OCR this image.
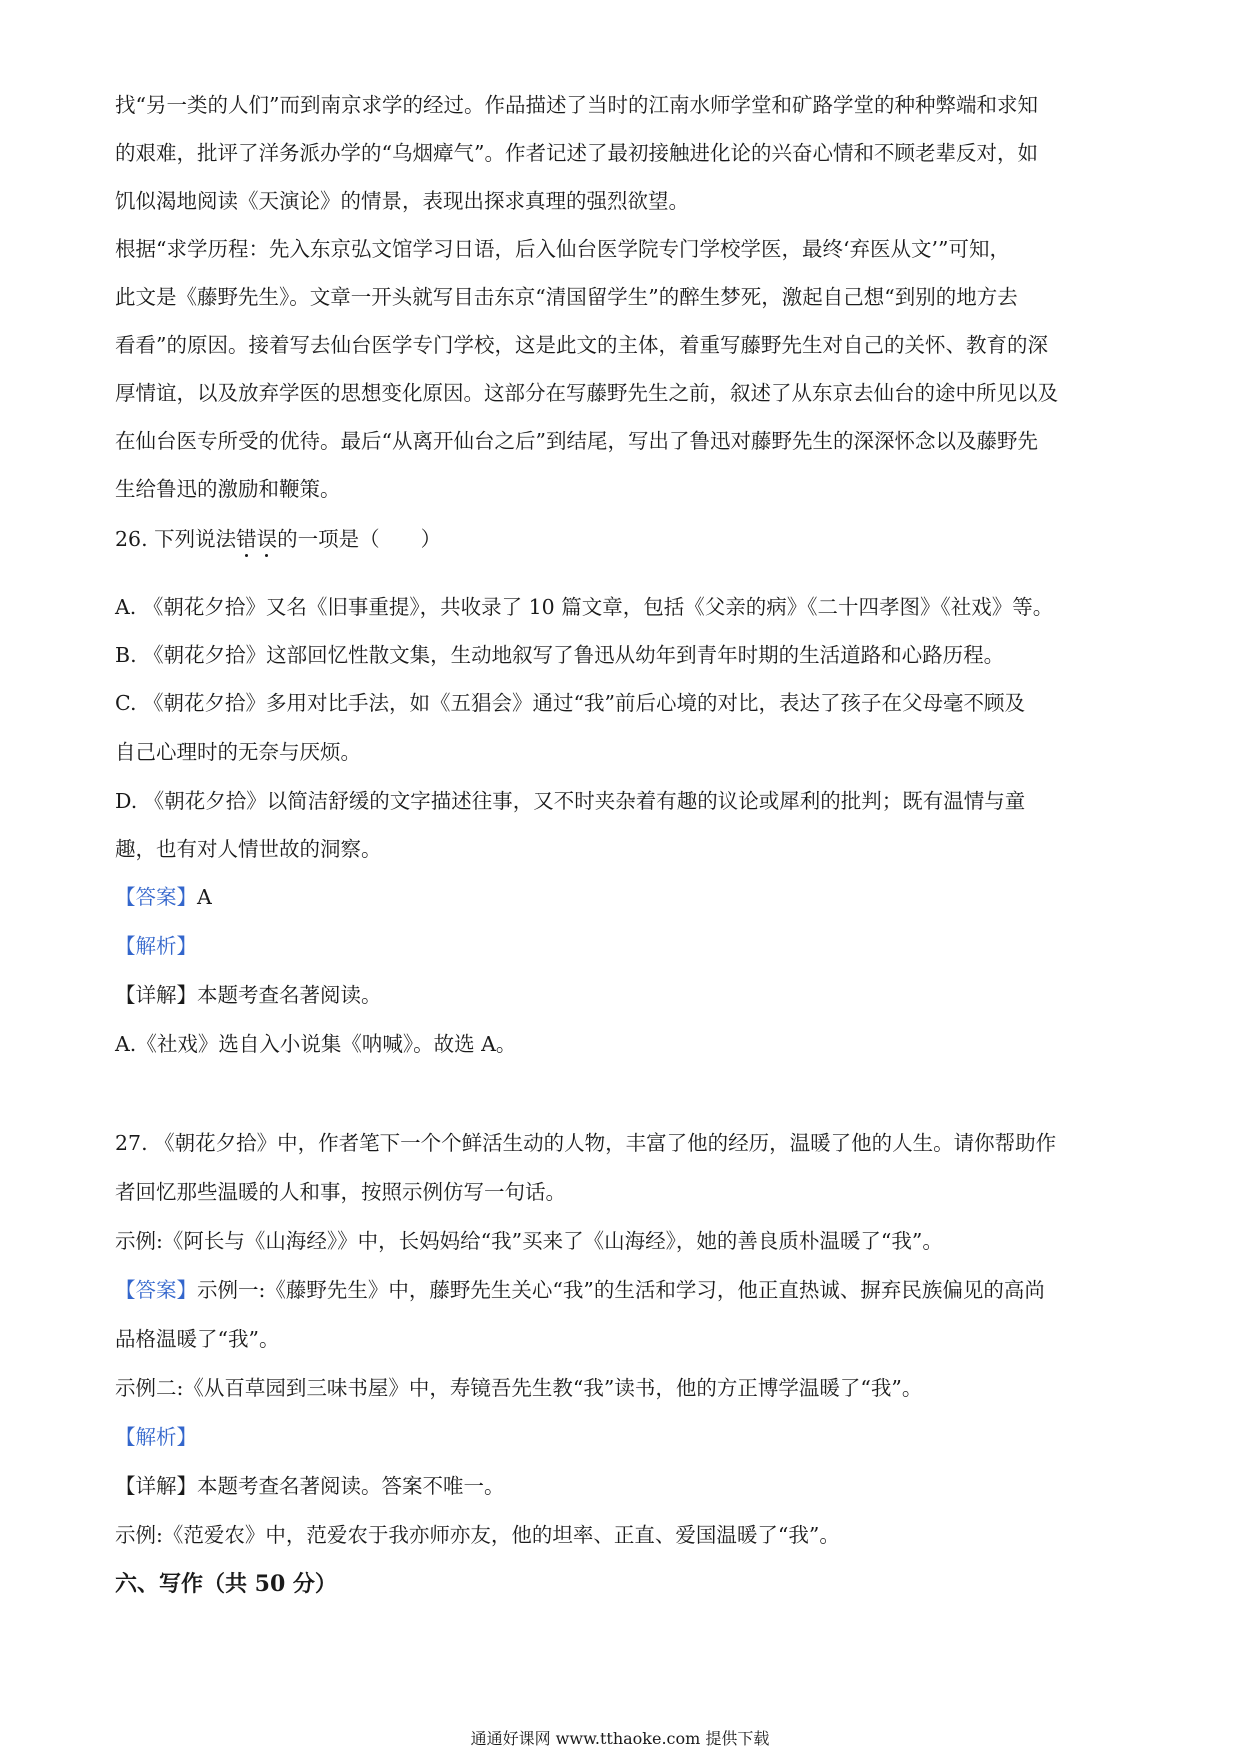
找“另一类的人们”而到南京求学的经过。作品描述了当时的江南水师学堂和矿路学堂的种种弊端和求知
的艰难，批评了洋务派办学的“乌烟瘴气”。作者记述了最初接触进化论的兴奋心情和不顾老辈反对，如
饥似渴地阅读《天演论》的情景，表现出探求真理的强烈欲望。
根据“求学历程：先入东京弘文馆学习日语，后入仙台医学院专门学校学医，最终‘弃医从文’”可知，
此文是《藤野先生》。文章一开头就写目击东京“清国留学生”的醉生梦死，激起自己想“到别的地方去
看看”的原因。接着写去仙台医学专门学校，这是此文的主体，着重写藤野先生对自己的关怀、教育的深
厚情谊，以及放弃学医的思想变化原因。这部分在写藤野先生之前，叙述了从东京去仙台的途中所见以及
在仙台医专所受的优待。最后“从离开仙台之后”到结尾，写出了鲁迅对藤野先生的深深怀念以及藤野先
生给鲁迅的激励和鞭策。
26. 下列说法错误的一项是（　　）
A. 《朝花夕拾》又名《旧事重提》，共收录了 10 篇文章，包括《父亲的病》《二十四孝图》《社戏》等。
B. 《朝花夕拾》这部回忆性散文集，生动地叙写了鲁迅从幼年到青年时期的生活道路和心路历程。
C. 《朝花夕拾》多用对比手法，如《五猖会》通过“我”前后心境的对比，表达了孩子在父母毫不顾及
自己心理时的无奈与厌烦。
D. 《朝花夕拾》以简洁舒缓的文字描述往事，又不时夹杂着有趣的议论或犀利的批判；既有温情与童
趣，也有对人情世故的洞察。
【答案】A
【解析】
【详解】本题考查名著阅读。
A.《社戏》选自入小说集《呐喊》。故选 A。
27. 《朝花夕拾》中，作者笔下一个个鲜活生动的人物，丰富了他的经历，温暖了他的人生。请你帮助作
者回忆那些温暖的人和事，按照示例仿写一句话。
示例:《阿长与《山海经》》中，长妈妈给“我”买来了《山海经》，她的善良质朴温暖了“我”。
【答案】示例一:《藤野先生》中，藤野先生关心“我”的生活和学习，他正直热诚、摒弃民族偏见的高尚
品格温暖了“我”。
示例二:《从百草园到三味书屋》中，寿镜吾先生教“我”读书，他的方正博学温暖了“我”。
【解析】
【详解】本题考查名著阅读。答案不唯一。
示例:《范爱农》中，范爱农于我亦师亦友，他的坦率、正直、爱国温暖了“我”。
六、写作（共 50 分）
通通好课网 www.tthaoke.com 提供下载
